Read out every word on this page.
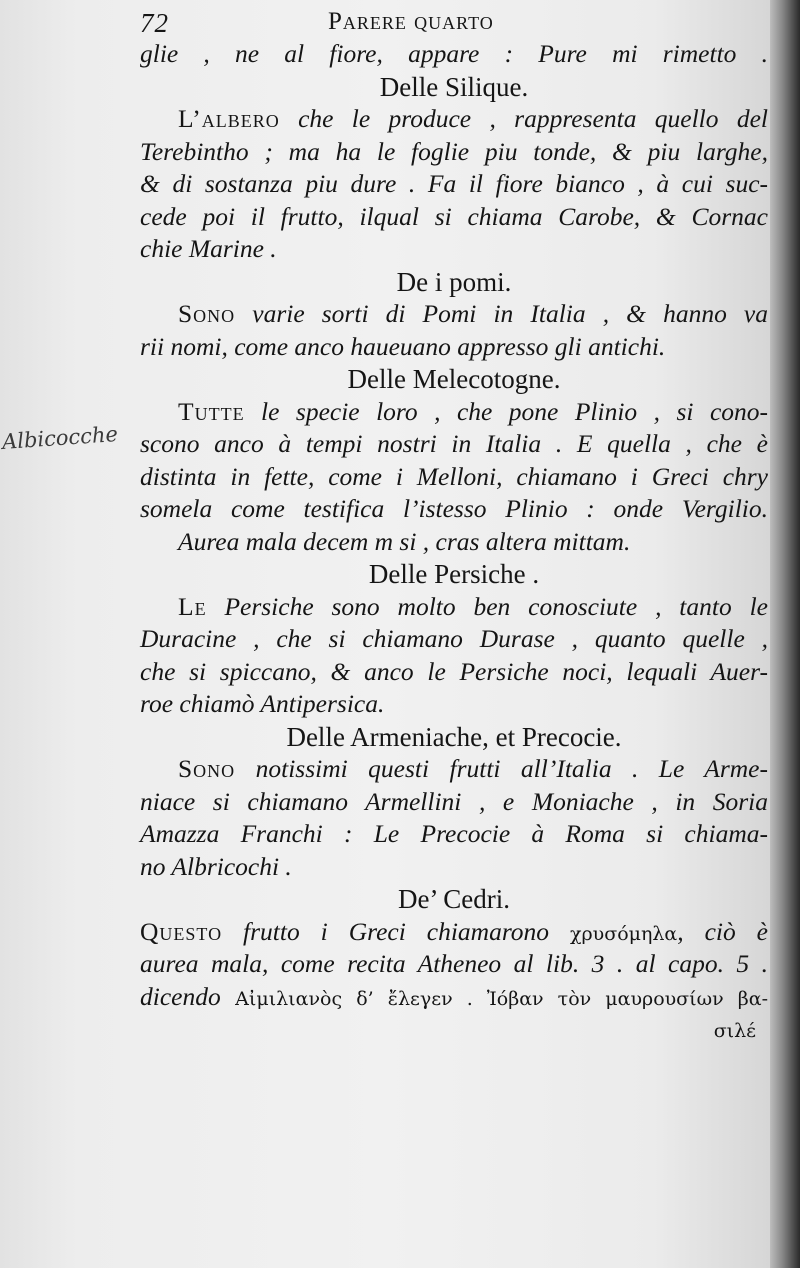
72	Parere quarto
Albicocche
glie , ne al fiore, appare : Pure mi rimetto .
Delle Silique.
L’albero che le produce , rappresenta quello del
Terebintho ; ma ha le foglie piu tonde, & piu larghe,
& di sostanza piu dure . Fa il fiore bianco , à cui suc-
cede poi il frutto, ilqual si chiama Carobe, & Cornac
chie Marine .
De i pomi.
Sono varie sorti di Pomi in Italia , & hanno va
rii nomi, come anco haueuano appresso gli antichi.
Delle Melecotogne.
Tutte le specie loro , che pone Plinio , si cono-
scono anco à tempi nostri in Italia . E quella , che è
distinta in fette, come i Melloni, chiamano i Greci chry
somela come testifica l’istesso Plinio : onde Vergilio.
Aurea mala decem m si , cras altera mittam.
Delle Persiche .
Le Persiche sono molto ben conosciute , tanto le
Duracine , che si chiamano Durase , quanto quelle ,
che si spiccano, & anco le Persiche noci, lequali Auer-
roe chiamò Antipersica.
Delle Armeniache, et Precocie.
Sono notissimi questi frutti all’Italia . Le Arme-
niace si chiamano Armellini , e Moniache , in Soria
Amazza Franchi : Le Precocie à Roma si chiama-
no Albricochi .
De’ Cedri.
Questo frutto i Greci chiamarono χρυσόμηλα, ciò è
aurea mala, come recita Atheneo al lib. 3 . al capo. 5 .
dicendo Αἰμιλιανὸς δ’ ἔλεγεν . Ἰόβαν τὸν μαυρουσίων βα-
σιλέ
